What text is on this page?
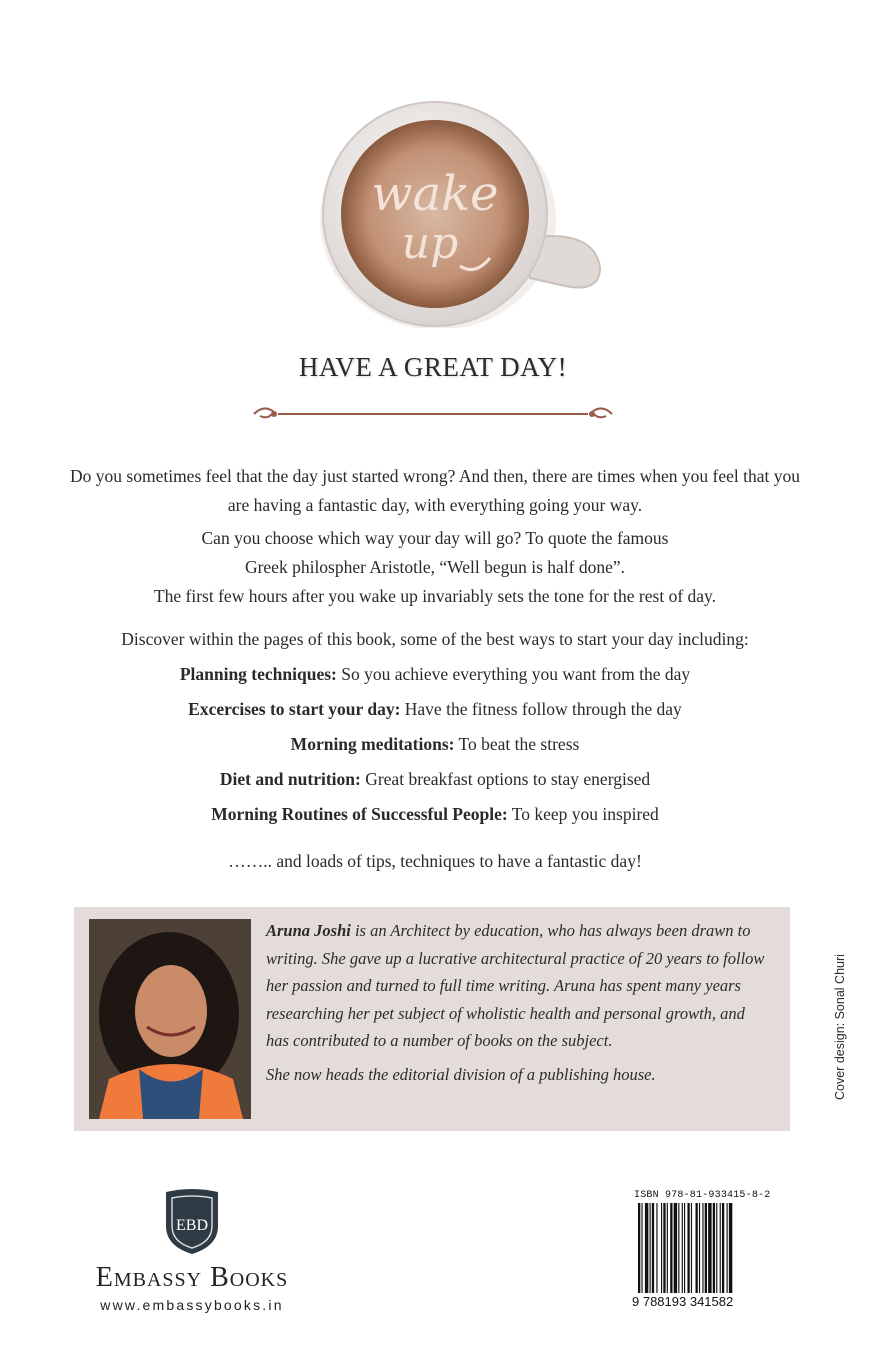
wake
up
HAVE A GREAT DAY!

Do you sometimes feel that the day just started wrong? And then, there are times when you feel that you are having a fantastic day, with everything going your way.

Can you choose which way your day will go? To quote the famous

Greek philospher Aristotle, “Well begun is half done”.

The first few hours after you wake up invariably sets the tone for the rest of day.

Discover within the pages of this book, some of the best ways to start your day including:

Planning techniques: So you achieve everything you want from the day

Excercises to start your day: Have the fitness follow through the day

Morning meditations: To beat the stress

Diet and nutrition: Great breakfast options to stay energised

Morning Routines of Successful People: To keep you inspired

…….. and loads of tips, techniques to have a fantastic day!

Aruna Joshi is an Architect by education, who has always been drawn to writing. She gave up a lucrative architectural practice of 20 years to follow her passion and turned to full time writing. Aruna has spent many years researching her pet subject of wholistic health and personal growth, and has contributed to a number of books on the subject.

She now heads the editorial division of a publishing house.	Cover design: Sonal Churi
EBD
Embassy Books
www.embassybooks.in
ISBN 978-81-933415-8-2
9 788193 341582
